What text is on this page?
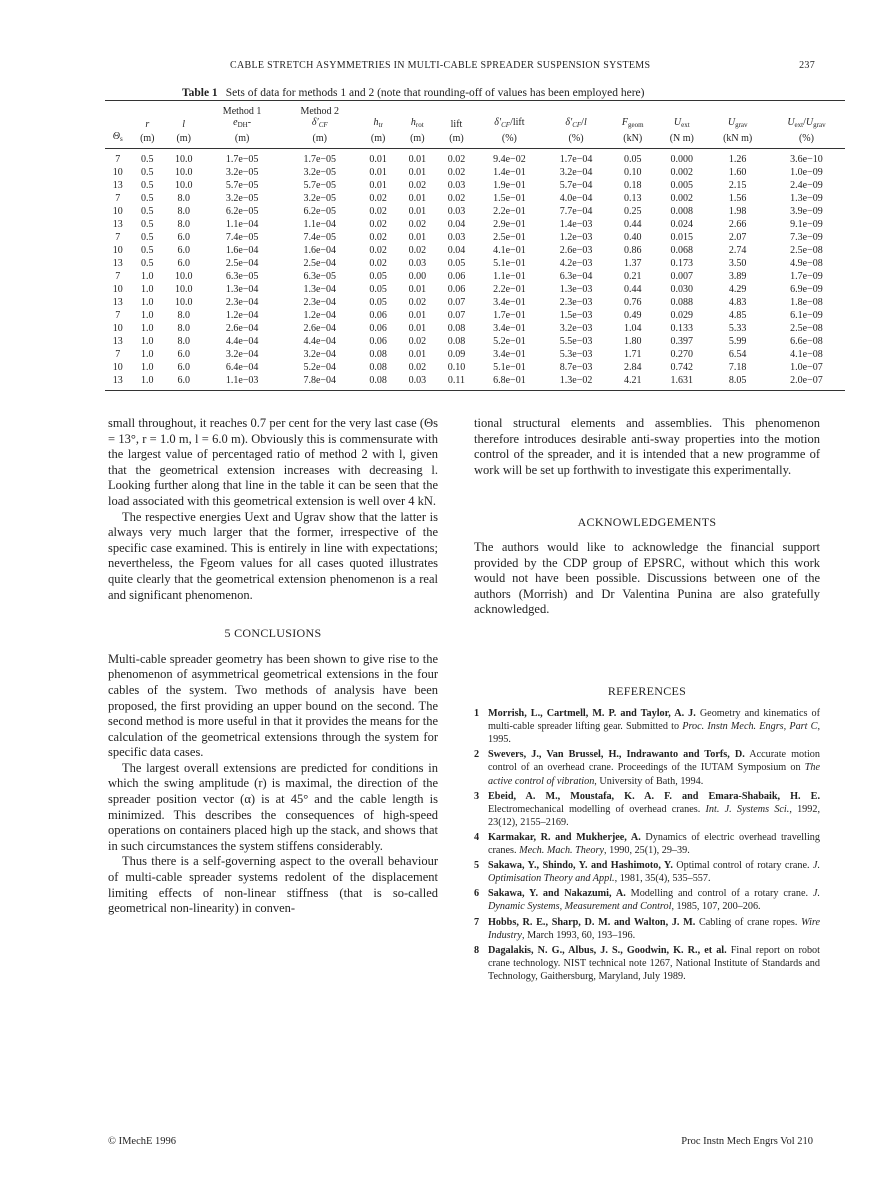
CABLE STRETCH ASYMMETRIES IN MULTI-CABLE SPREADER SUSPENSION SYSTEMS	237
Table 1 Sets of data for methods 1 and 2 (note that rounding-off of values has been employed here)
			Method 1	Method 2									
	r	l	$e_{DH}-$	$\delta'_{CF}$	$h_{tr}$	$h_{rot}$	lift	$\delta'_{CF}$/lift	$\delta'_{CF}/l$	$F_{geom}$	$U_{ext}$	$U_{grav}$	$U_{ext}/U_{grav}$
$\Theta_s$	(m)	(m)	(m)	(m)	(m)	(m)	(m)	(%)	(%)	(kN)	(N m)	(kN m)	(%)
7	0.5	10.0	1.7e−05	1.7e−05	0.01	0.01	0.02	9.4e−02	1.7e−04	0.05	0.000	1.26	3.6e−10
10	0.5	10.0	3.2e−05	3.2e−05	0.01	0.01	0.02	1.4e−01	3.2e−04	0.10	0.002	1.60	1.0e−09
13	0.5	10.0	5.7e−05	5.7e−05	0.01	0.02	0.03	1.9e−01	5.7e−04	0.18	0.005	2.15	2.4e−09
7	0.5	8.0	3.2e−05	3.2e−05	0.02	0.01	0.02	1.5e−01	4.0e−04	0.13	0.002	1.56	1.3e−09
10	0.5	8.0	6.2e−05	6.2e−05	0.02	0.01	0.03	2.2e−01	7.7e−04	0.25	0.008	1.98	3.9e−09
13	0.5	8.0	1.1e−04	1.1e−04	0.02	0.02	0.04	2.9e−01	1.4e−03	0.44	0.024	2.66	9.1e−09
7	0.5	6.0	7.4e−05	7.4e−05	0.02	0.01	0.03	2.5e−01	1.2e−03	0.40	0.015	2.07	7.3e−09
10	0.5	6.0	1.6e−04	1.6e−04	0.02	0.02	0.04	4.1e−01	2.6e−03	0.86	0.068	2.74	2.5e−08
13	0.5	6.0	2.5e−04	2.5e−04	0.02	0.03	0.05	5.1e−01	4.2e−03	1.37	0.173	3.50	4.9e−08
7	1.0	10.0	6.3e−05	6.3e−05	0.05	0.00	0.06	1.1e−01	6.3e−04	0.21	0.007	3.89	1.7e−09
10	1.0	10.0	1.3e−04	1.3e−04	0.05	0.01	0.06	2.2e−01	1.3e−03	0.44	0.030	4.29	6.9e−09
13	1.0	10.0	2.3e−04	2.3e−04	0.05	0.02	0.07	3.4e−01	2.3e−03	0.76	0.088	4.83	1.8e−08
7	1.0	8.0	1.2e−04	1.2e−04	0.06	0.01	0.07	1.7e−01	1.5e−03	0.49	0.029	4.85	6.1e−09
10	1.0	8.0	2.6e−04	2.6e−04	0.06	0.01	0.08	3.4e−01	3.2e−03	1.04	0.133	5.33	2.5e−08
13	1.0	8.0	4.4e−04	4.4e−04	0.06	0.02	0.08	5.2e−01	5.5e−03	1.80	0.397	5.99	6.6e−08
7	1.0	6.0	3.2e−04	3.2e−04	0.08	0.01	0.09	3.4e−01	5.3e−03	1.71	0.270	6.54	4.1e−08
10	1.0	6.0	6.4e−04	5.2e−04	0.08	0.02	0.10	5.1e−01	8.7e−03	2.84	0.742	7.18	1.0e−07
13	1.0	6.0	1.1e−03	7.8e−04	0.08	0.03	0.11	6.8e−01	1.3e−02	4.21	1.631	8.05	2.0e−07

small throughout, it reaches 0.7 per cent for the very last case (Θs = 13°, r = 1.0 m, l = 6.0 m). Obviously this is commensurate with the largest value of percentaged ratio of method 2 with l, given that the geometrical extension increases with decreasing l. Looking further along that line in the table it can be seen that the load associated with this geometrical extension is well over 4 kN.

The respective energies Uext and Ugrav show that the latter is always very much larger that the former, irrespective of the specific case examined. This is entirely in line with expectations; nevertheless, the Fgeom values for all cases quoted illustrates quite clearly that the geometrical extension phenomenon is a real and significant phenomenon.

5 CONCLUSIONS

Multi-cable spreader geometry has been shown to give rise to the phenomenon of asymmetrical geometrical extensions in the four cables of the system. Two methods of analysis have been proposed, the first providing an upper bound on the second. The second method is more useful in that it provides the means for the calculation of the geometrical extensions through the system for specific data cases.

The largest overall extensions are predicted for conditions in which the swing amplitude (r) is maximal, the direction of the spreader position vector (α) is at 45° and the cable length is minimized. This describes the consequences of high-speed operations on containers placed high up the stack, and shows that in such circumstances the system stiffens considerably.

Thus there is a self-governing aspect to the overall behaviour of multi-cable spreader systems redolent of the displacement limiting effects of non-linear stiffness (that is so-called geometrical non-linearity) in conven-

tional structural elements and assemblies. This phenomenon therefore introduces desirable anti-sway properties into the motion control of the spreader, and it is intended that a new programme of work will be set up forthwith to investigate this experimentally.

ACKNOWLEDGEMENTS

The authors would like to acknowledge the financial support provided by the CDP group of EPSRC, without which this work would not have been possible. Discussions between one of the authors (Morrish) and Dr Valentina Punina are also gratefully acknowledged.

REFERENCES

1 Morrish, L., Cartmell, M. P. and Taylor, A. J. Geometry and kinematics of multi-cable spreader lifting gear. Submitted to Proc. Instn Mech. Engrs, Part C, 1995.
2 Swevers, J., Van Brussel, H., Indrawanto and Torfs, D. Accurate motion control of an overhead crane. Proceedings of the IUTAM Symposium on The active control of vibration, University of Bath, 1994.
3 Ebeid, A. M., Moustafa, K. A. F. and Emara-Shabaik, H. E. Electromechanical modelling of overhead cranes. Int. J. Systems Sci., 1992, 23(12), 2155–2169.
4 Karmakar, R. and Mukherjee, A. Dynamics of electric overhead travelling cranes. Mech. Mach. Theory, 1990, 25(1), 29–39.
5 Sakawa, Y., Shindo, Y. and Hashimoto, Y. Optimal control of rotary crane. J. Optimisation Theory and Appl., 1981, 35(4), 535–557.
6 Sakawa, Y. and Nakazumi, A. Modelling and control of a rotary crane. J. Dynamic Systems, Measurement and Control, 1985, 107, 200–206.
7 Hobbs, R. E., Sharp, D. M. and Walton, J. M. Cabling of crane ropes. Wire Industry, March 1993, 60, 193–196.
8 Dagalakis, N. G., Albus, J. S., Goodwin, K. R., et al. Final report on robot crane technology. NIST technical note 1267, National Institute of Standards and Technology, Gaithersburg, Maryland, July 1989.
© IMechE 1996	Proc Instn Mech Engrs Vol 210
